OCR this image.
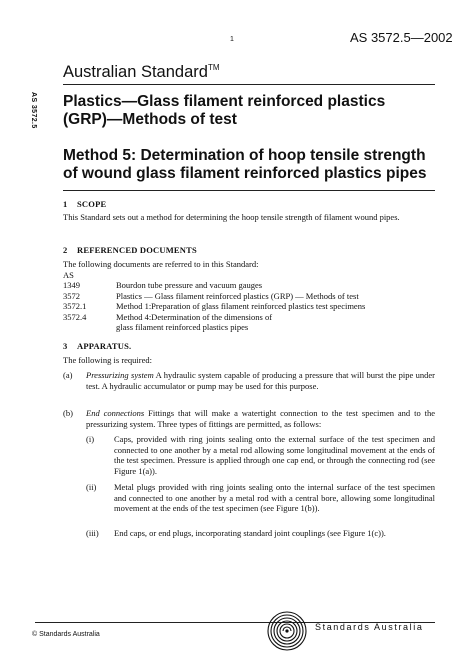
1	AS 3572.5—2002
AS 3572.5
Australian Standard™
Plastics—Glass filament reinforced plastics
(GRP)—Methods of test
Method 5: Determination of hoop tensile strength
of wound glass filament reinforced plastics pipes
1 SCOPE
This Standard sets out a method for determining the hoop tensile strength of filament wound pipes.
2 REFERENCED DOCUMENTS
The following documents are referred to in this Standard:
AS
1349	Bourdon tube pressure and vacuum gauges
3572	Plastics — Glass filament reinforced plastics (GRP) — Methods of test
3572.1	Method 1:Preparation of glass filament reinforced plastics test specimens
3572.4	Method 4:Determination of the dimensions of glass filament reinforced plastics pipes
3 APPARATUS.
The following is required:
(a)	Pressurizing system A hydraulic system capable of producing a pressure that will burst the pipe under test. A hydraulic accumulator or pump may be used for this purpose.
(b)	End connections Fittings that will make a watertight connection to the test specimen and to the pressurizing system. Three types of fittings are permitted, as follows:
(i)	Caps, provided with ring joints sealing onto the external surface of the test specimen and connected to one another by a metal rod allowing some longitudinal movement at the ends of the test specimen. Pressure is applied through one cap end, or through the connecting rod (see Figure 1(a)).
(ii)	Metal plugs provided with ring joints sealing onto the internal surface of the test specimen and connected to one another by a metal rod with a central bore, allowing some longitudinal movement at the ends of the test specimen (see Figure 1(b)).
(iii)	End caps, or end plugs, incorporating standard joint couplings (see Figure 1(c)).
© Standards Australia
Standards Australia
